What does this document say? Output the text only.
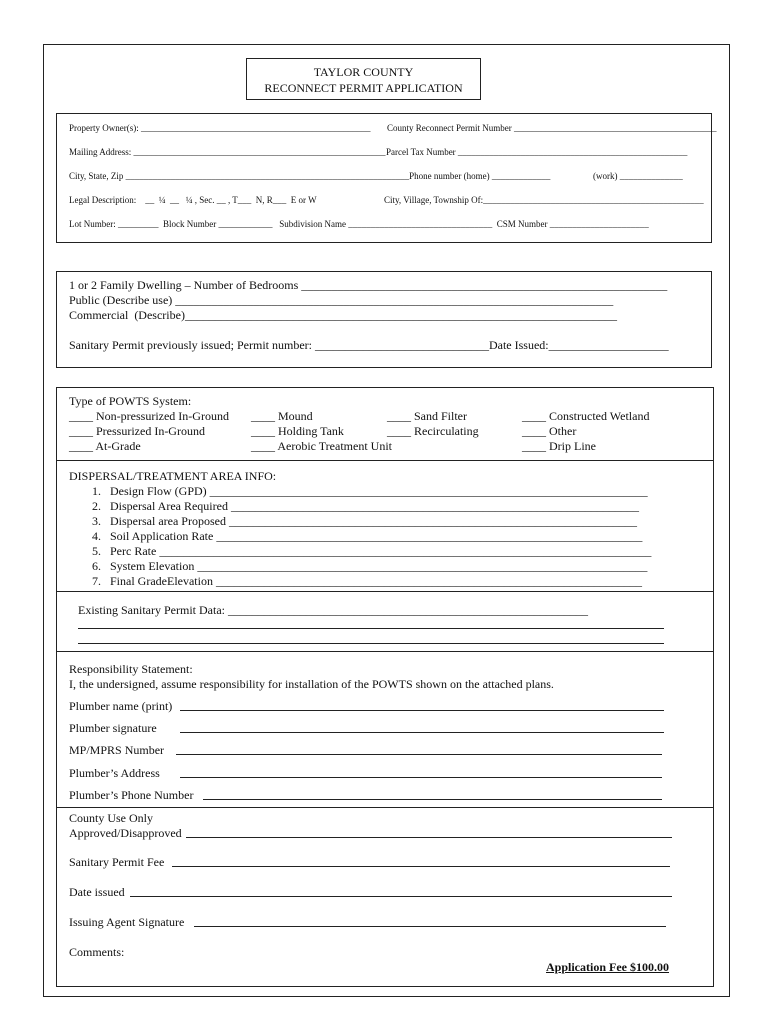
TAYLOR COUNTY
RECONNECT PERMIT APPLICATION
Property Owner(s): ___________________________________________________ County Reconnect Permit Number _____________________________________________
Mailing Address: ________________________________________________________ Parcel Tax Number ___________________________________________________
City, State, Zip _______________________________________________________________Phone number (home) _____________	(work) ______________
Legal Description:    __  ¼  __   ¼ , Sec. __ , T___  N, R___  E or W	City, Village, Township Of:_________________________________________________
Lot Number: _________  Block Number ____________   Subdivision Name ________________________________  CSM Number ______________________
1 or 2 Family Dwelling – Number of Bedrooms _____________________________________________________________
Public (Describe use) _________________________________________________________________________
Commercial  (Describe)________________________________________________________________________
Sanitary Permit previously issued; Permit number: _____________________________Date Issued:____________________
Type of POWTS System:
____ Non-pressurized In-Ground
____ Pressurized In-Ground
____ At-Grade
____ Mound
____ Holding Tank
____ Aerobic Treatment Unit
____ Sand Filter
____ Recirculating
____ Constructed Wetland
____ Other
____ Drip Line
DISPERSAL/TREATMENT AREA INFO:
1.   Design Flow (GPD) _________________________________________________________________________
2.   Dispersal Area Required ____________________________________________________________________
3.   Dispersal area Proposed ____________________________________________________________________
4.   Soil Application Rate _______________________________________________________________________
5.   Perc Rate __________________________________________________________________________________
6.   System Elevation ___________________________________________________________________________
7.   Final GradeElevation _______________________________________________________________________
Existing Sanitary Permit Data: ____________________________________________________________
Responsibility Statement:
I, the undersigned, assume responsibility for installation of the POWTS shown on the attached plans.
Plumber name (print)
Plumber signature
MP/MPRS Number
Plumber’s Address
Plumber’s Phone Number
County Use Only
Approved/Disapproved
Sanitary Permit Fee
Date issued
Issuing Agent Signature
Comments:
Application Fee $100.00
